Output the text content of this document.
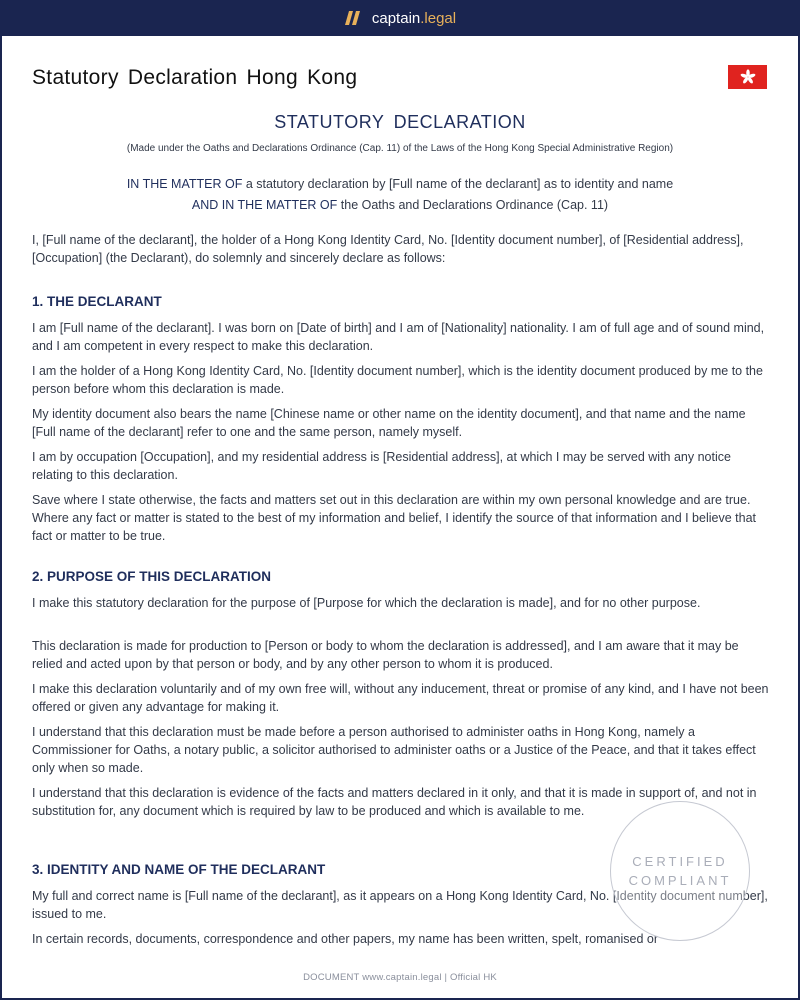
captain.legal
Statutory Declaration Hong Kong
STATUTORY DECLARATION
(Made under the Oaths and Declarations Ordinance (Cap. 11) of the Laws of the Hong Kong Special Administrative Region)
IN THE MATTER OF a statutory declaration by [Full name of the declarant] as to identity and name
AND IN THE MATTER OF the Oaths and Declarations Ordinance (Cap. 11)

I, [Full name of the declarant], the holder of a Hong Kong Identity Card, No. [Identity document number], of [Residential address], [Occupation] (the Declarant), do solemnly and sincerely declare as follows:

1. THE DECLARANT

I am [Full name of the declarant]. I was born on [Date of birth] and I am of [Nationality] nationality. I am of full age and of sound mind, and I am competent in every respect to make this declaration.

I am the holder of a Hong Kong Identity Card, No. [Identity document number], which is the identity document produced by me to the person before whom this declaration is made.

My identity document also bears the name [Chinese name or other name on the identity document], and that name and the name [Full name of the declarant] refer to one and the same person, namely myself.

I am by occupation [Occupation], and my residential address is [Residential address], at which I may be served with any notice relating to this declaration.

Save where I state otherwise, the facts and matters set out in this declaration are within my own personal knowledge and are true. Where any fact or matter is stated to the best of my information and belief, I identify the source of that information and I believe that fact or matter to be true.

2. PURPOSE OF THIS DECLARATION

I make this statutory declaration for the purpose of [Purpose for which the declaration is made], and for no other purpose.

This declaration is made for production to [Person or body to whom the declaration is addressed], and I am aware that it may be relied and acted upon by that person or body, and by any other person to whom it is produced.

I make this declaration voluntarily and of my own free will, without any inducement, threat or promise of any kind, and I have not been offered or given any advantage for making it.

I understand that this declaration must be made before a person authorised to administer oaths in Hong Kong, namely a Commissioner for Oaths, a notary public, a solicitor authorised to administer oaths or a Justice of the Peace, and that it takes effect only when so made.

I understand that this declaration is evidence of the facts and matters declared in it only, and that it is made in support of, and not in substitution for, any document which is required by law to be produced and which is available to me.

3. IDENTITY AND NAME OF THE DECLARANT

My full and correct name is [Full name of the declarant], as it appears on a Hong Kong Identity Card, No. [Identity document number], issued to me.

In certain records, documents, correspondence and other papers, my name has been written, spelt, romanised or

CERTIFIED
COMPLIANT
DOCUMENT www.captain.legal | Official HK
